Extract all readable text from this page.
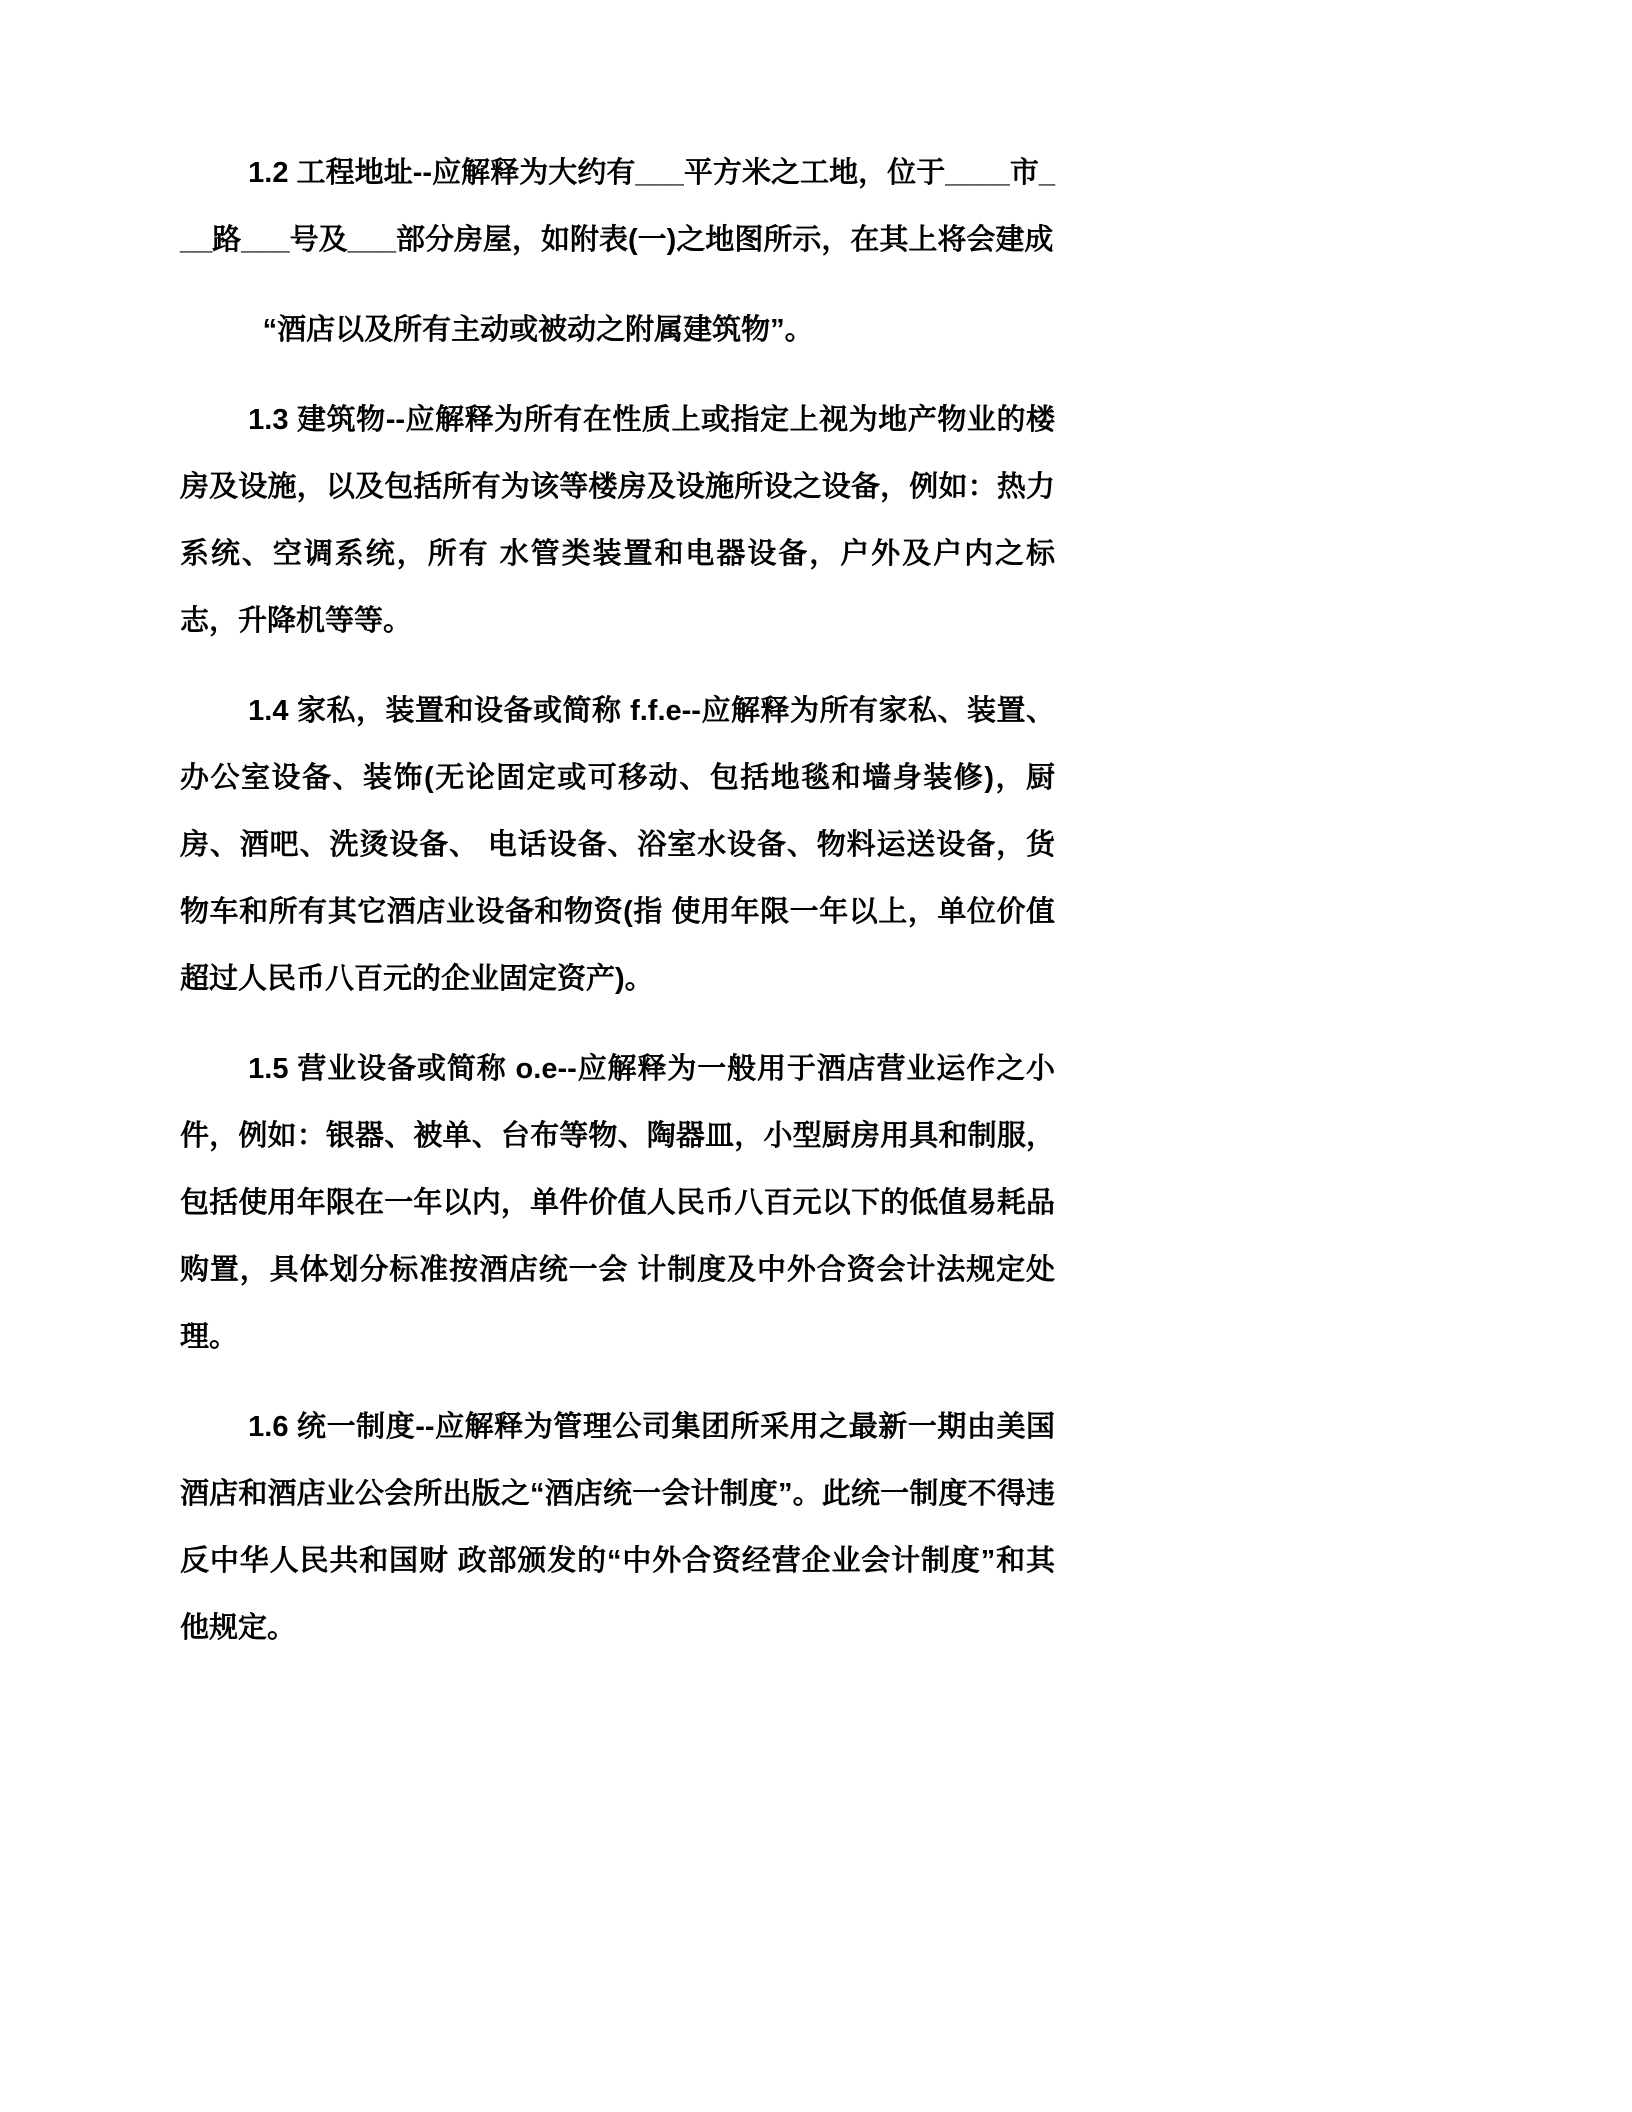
1.2 工程地址--应解释为大约有___平方米之工地，位于____市___路___号及___部分房屋，如附表(一)之地图所示，在其上将会建成

“酒店以及所有主动或被动之附属建筑物”。

1.3 建筑物--应解释为所有在性质上或指定上视为地产物业的楼房及设施，以及包括所有为该等楼房及设施所设之设备，例如：热力系统、空调系统，所有 水管类装置和电器设备，户外及户内之标志，升降机等等。

1.4 家私，装置和设备或简称 f.f.e--应解释为所有家私、装置、办公室设备、装饰(无论固定或可移动、包括地毯和墙身装修)，厨房、酒吧、洗烫设备、 电话设备、浴室水设备、物料运送设备，货物车和所有其它酒店业设备和物资(指 使用年限一年以上，单位价值超过人民币八百元的企业固定资产)。

1.5 营业设备或简称 o.e--应解释为一般用于酒店营业运作之小件，例如：银器、被单、台布等物、陶器皿，小型厨房用具和制服，包括使用年限在一年以内，单件价值人民币八百元以下的低值易耗品购置，具体划分标准按酒店统一会 计制度及中外合资会计法规定处理。

1.6 统一制度--应解释为管理公司集团所采用之最新一期由美国酒店和酒店业公会所出版之“酒店统一会计制度”。此统一制度不得违反中华人民共和国财 政部颁发的“中外合资经营企业会计制度”和其他规定。
